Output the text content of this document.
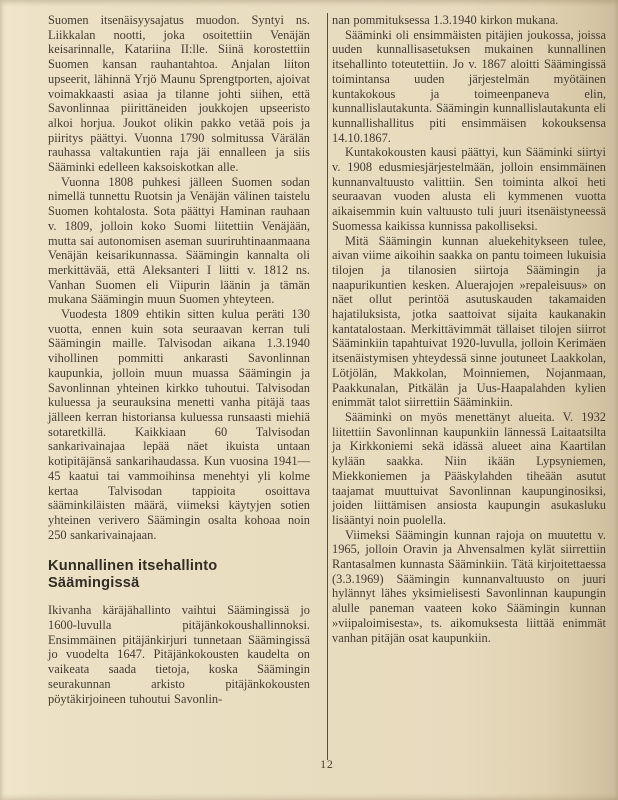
Suomen itsenäisyysajatus muodon. Syntyi ns. Liikkalan nootti, joka osoitettiin Venäjän keisarinnalle, Katariina II:lle. Siinä korostettiin Suomen kansan rauhantahtoa. Anjalan liiton upseerit, lähinnä Yrjö Maunu Sprengtporten, ajoivat voimakkaasti asiaa ja tilanne johti siihen, että Savonlinnaa piirittäneiden joukkojen upseeristo alkoi horjua. Joukot olikin pakko vetää pois ja piiritys päättyi. Vuonna 1790 solmitussa Värälän rauhassa valtakuntien raja jäi ennalleen ja siis Sääminki edelleen kaksoiskotkan alle.

Vuonna 1808 puhkesi jälleen Suomen sodan nimellä tunnettu Ruotsin ja Venäjän välinen taistelu Suomen kohtalosta. Sota päättyi Haminan rauhaan v. 1809, jolloin koko Suomi liitettiin Venäjään, mutta sai autonomisen aseman suuriruhtinaanmaana Venäjän keisarikunnassa. Säämingin kannalta oli merkittävää, että Aleksanteri I liitti v. 1812 ns. Vanhan Suomen eli Viipurin läänin ja tämän mukana Säämingin muun Suomen yhteyteen.

Vuodesta 1809 ehtikin sitten kulua peräti 130 vuotta, ennen kuin sota seuraavan kerran tuli Säämingin maille. Talvisodan aikana 1.3.1940 vihollinen pommitti ankarasti Savonlinnan kaupunkia, jolloin muun muassa Säämingin ja Savonlinnan yhteinen kirkko tuhoutui. Talvisodan kuluessa ja seurauksina menetti vanha pitäjä taas jälleen kerran historiansa kuluessa runsaasti miehiä sotaretkillä. Kaikkiaan 60 Talvisodan sankarivainajaa lepää näet ikuista untaan kotipitäjänsä sankarihaudassa. Kun vuosina 1941—45 kaatui tai vammoihinsa menehtyi yli kolme kertaa Talvisodan tappioita osoittava sääminkiläisten määrä, viimeksi käytyjen sotien yhteinen verivero Säämingin osalta kohoaa noin 250 sankarivainajaan.

Kunnallinen itsehallinto Säämingissä

Ikivanha käräjähallinto vaihtui Säämingissä jo 1600-luvulla pitäjänkokoushallinnoksi. Ensimmäinen pitäjänkirjuri tunnetaan Säämingissä jo vuodelta 1647. Pitäjänkokousten kaudelta on vaikeata saada tietoja, koska Säämingin seurakunnan arkisto pitäjänkokousten pöytäkirjoineen tuhoutui Savonlin-

nan pommituksessa 1.3.1940 kirkon mukana.

Sääminki oli ensimmäisten pitäjien joukossa, joissa uuden kunnallisasetuksen mukainen kunnallinen itsehallinto toteutettiin. Jo v. 1867 aloitti Säämingissä toimintansa uuden järjestelmän myötäinen kuntakokous ja toimeenpaneva elin, kunnallislautakunta. Säämingin kunnallislautakunta eli kunnallishallitus piti ensimmäisen kokouksensa 14.10.1867.

Kuntakokousten kausi päättyi, kun Sääminki siirtyi v. 1908 edusmiesjärjestelmään, jolloin ensimmäinen kunnanvaltuusto valittiin. Sen toiminta alkoi heti seuraavan vuoden alusta eli kymmenen vuotta aikaisemmin kuin valtuusto tuli juuri itsenäistyneessä Suomessa kaikissa kunnissa pakolliseksi.

Mitä Säämingin kunnan aluekehitykseen tulee, aivan viime aikoihin saakka on pantu toimeen lukuisia tilojen ja tilanosien siirtoja Säämingin ja naapurikuntien kesken. Aluerajojen »repaleisuus» on näet ollut perintöä asutuskauden takamaiden hajatiluksista, jotka saattoivat sijaita kaukanakin kantatalostaan. Merkittävimmät tällaiset tilojen siirrot Sääminkiin tapahtuivat 1920-luvulla, jolloin Kerimäen itsenäistymisen yhteydessä sinne joutuneet Laakkolan, Lötjölän, Makkolan, Moinniemen, Nojanmaan, Paakkunalan, Pitkälän ja Uus-Haapalahden kylien enimmät talot siirrettiin Sääminkiin.

Sääminki on myös menettänyt alueita. V. 1932 liitettiin Savonlinnan kaupunkiin lännessä Laitaatsilta ja Kirkkoniemi sekä idässä alueet aina Kaartilan kylään saakka. Niin ikään Lypsyniemen, Miekkoniemen ja Pääskylahden tiheään asutut taajamat muuttuivat Savonlinnan kaupunginosiksi, joiden liittämisen ansiosta kaupungin asukasluku lisääntyi noin puolella.

Viimeksi Säämingin kunnan rajoja on muutettu v. 1965, jolloin Oravin ja Ahvensalmen kylät siirrettiin Rantasalmen kunnasta Sääminkiin. Tätä kirjoitettaessa (3.3.1969) Säämingin kunnanvaltuusto on juuri hylännyt lähes yksimielisesti Savonlinnan kaupungin alulle paneman vaateen koko Säämingin kunnan »viipaloimisesta», ts. aikomuksesta liittää enimmät vanhan pitäjän osat kaupunkiin.

12
